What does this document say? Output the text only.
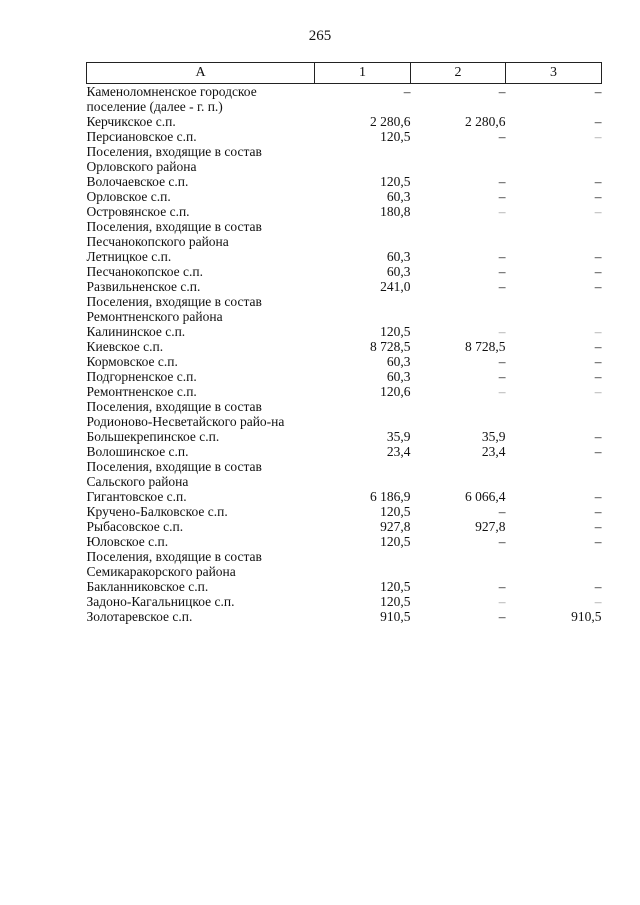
265
А	1	2	3
Каменоломненское городское поселение (далее - г. п.)	–	–	–
Керчикское с.п.	2 280,6	2 280,6	–
Персиановское с.п.	120,5	–	–
Поселения, входящие в состав Орловского района			
Волочаевское с.п.	120,5	–	–
Орловское с.п.	60,3	–	–
Островянское с.п.	180,8	–	–
Поселения, входящие в состав Песчанокопского района			
Летницкое с.п.	60,3	–	–
Песчанокопское с.п.	60,3	–	–
Развильненское с.п.	241,0	–	–
Поселения, входящие в состав Ремонтненского района			
Калининское с.п.	120,5	–	–
Киевское с.п.	8 728,5	8 728,5	–
Кормовское с.п.	60,3	–	–
Подгорненское с.п.	60,3	–	–
Ремонтненское с.п.	120,6	–	–
Поселения, входящие в состав Родионово-Несветайского райо-на			
Большекрепинское с.п.	35,9	35,9	–
Волошинское с.п.	23,4	23,4	–
Поселения, входящие в состав Сальского района			
Гигантовское с.п.	6 186,9	6 066,4	–
Кручено-Балковское с.п.	120,5	–	–
Рыбасовское с.п.	927,8	927,8	–
Юловское с.п.	120,5	–	–
Поселения, входящие в состав Семикаракорского района			
Бакланниковское с.п.	120,5	–	–
Задоно-Кагальницкое с.п.	120,5	–	–
Золотаревское с.п.	910,5	–	910,5
